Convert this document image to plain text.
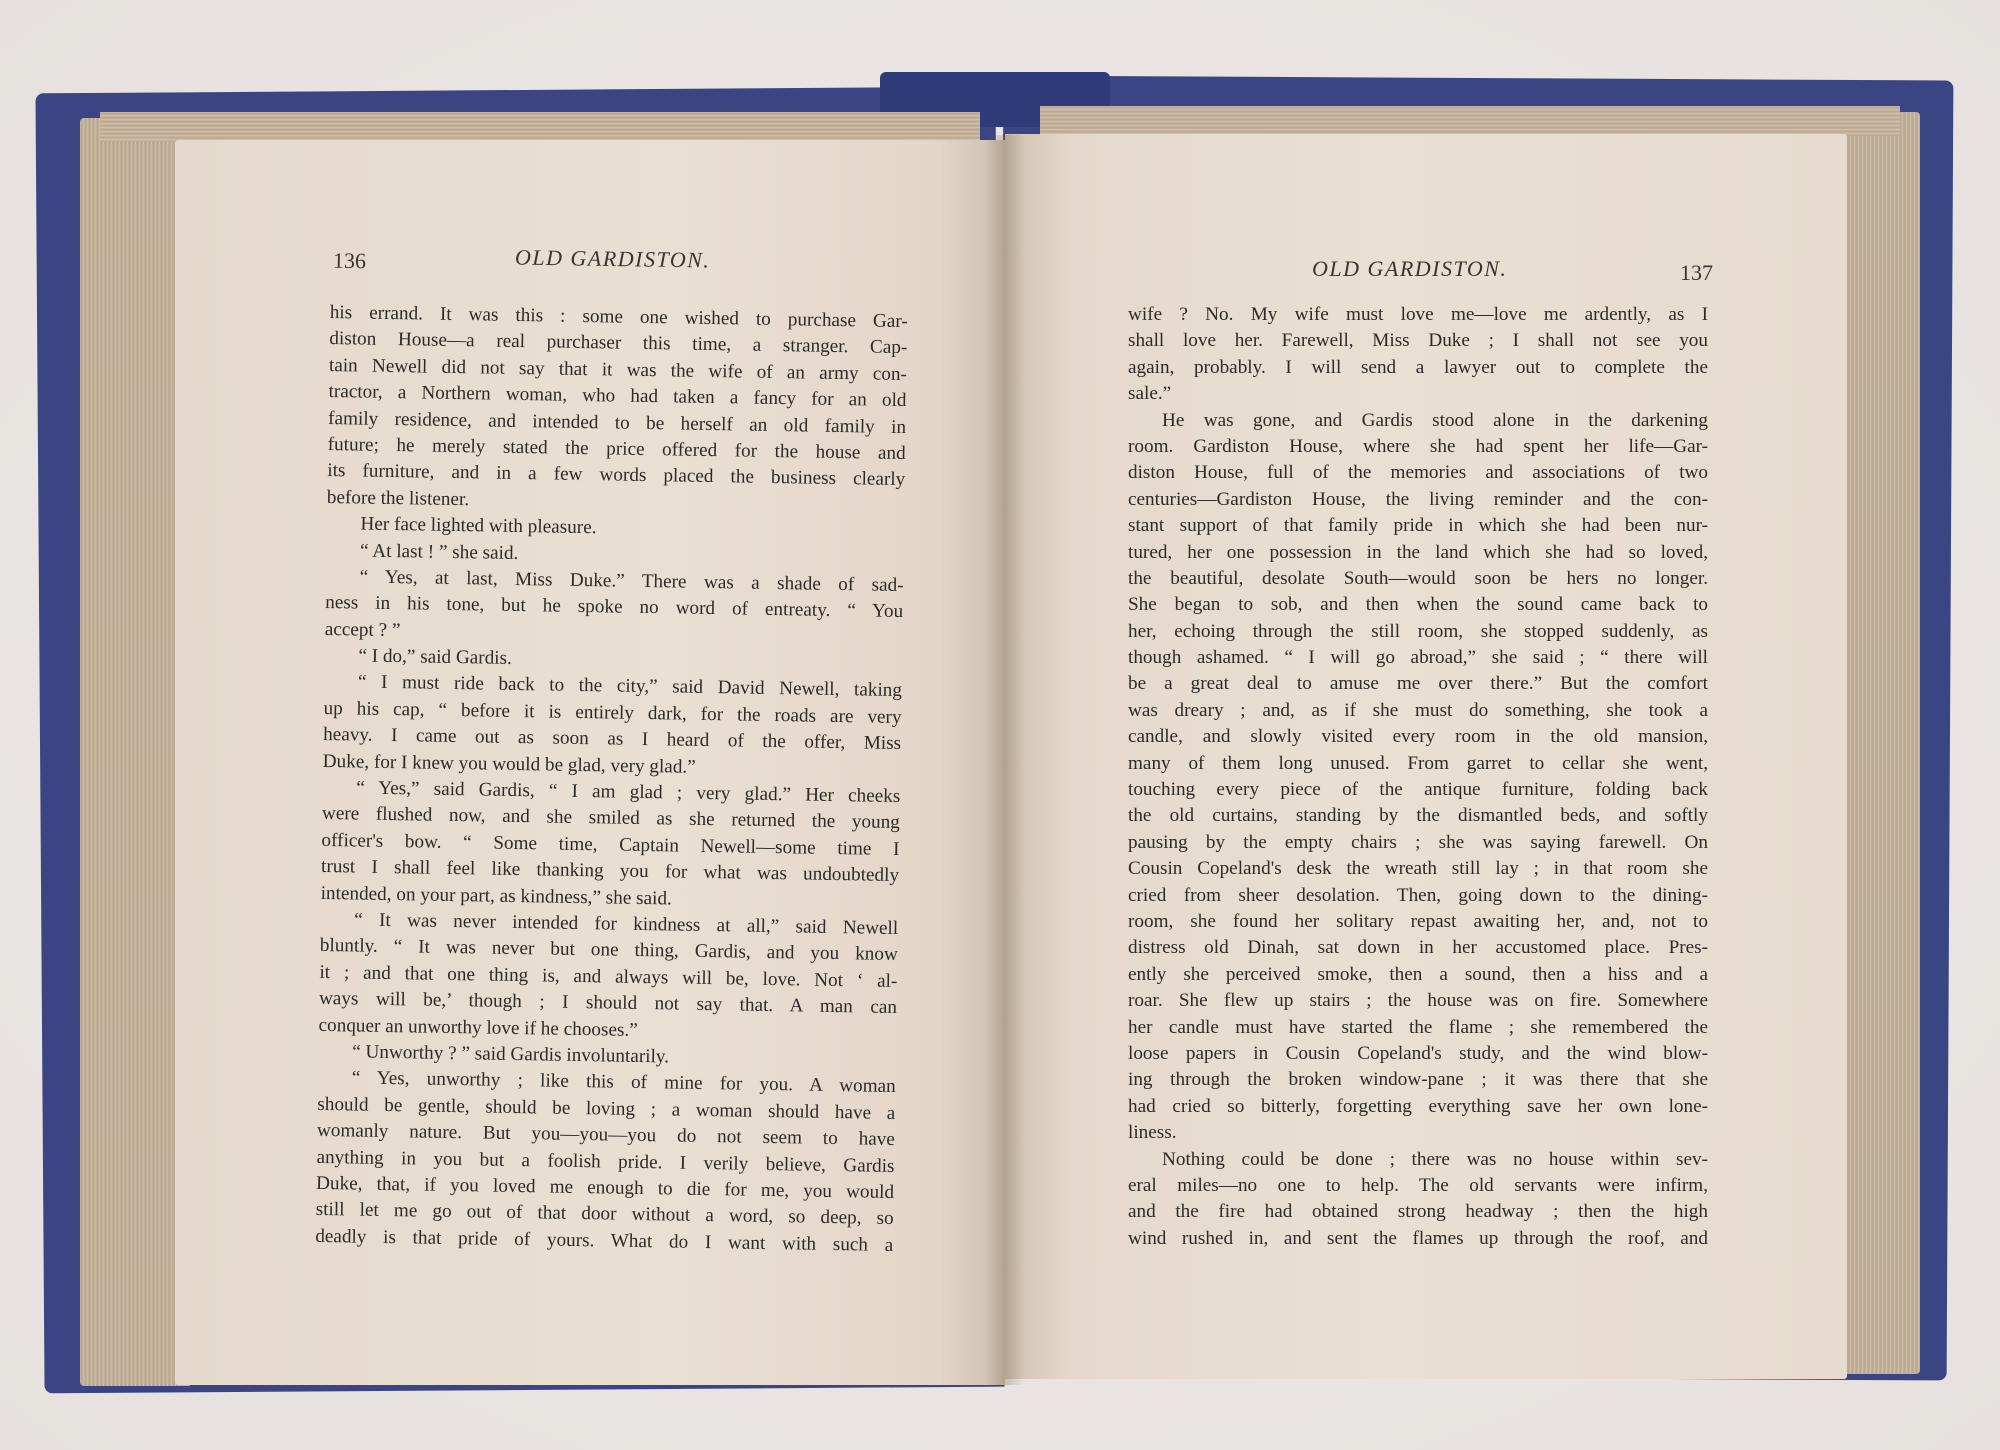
136	OLD GARDISTON.	OLD GARDISTON.	137
his errand. It was this : some one wished to purchase Gar-
diston House—a real purchaser this time, a stranger. Cap-
tain Newell did not say that it was the wife of an army con-
tractor, a Northern woman, who had taken a fancy for an old
family residence, and intended to be herself an old family in
future; he merely stated the price offered for the house and
its furniture, and in a few words placed the business clearly
before the listener.
Her face lighted with pleasure.
“ At last ! ” she said.
“ Yes, at last, Miss Duke.” There was a shade of sad-
ness in his tone, but he spoke no word of entreaty. “ You
accept ? ”
“ I do,” said Gardis.
“ I must ride back to the city,” said David Newell, taking
up his cap, “ before it is entirely dark, for the roads are very
heavy. I came out as soon as I heard of the offer, Miss
Duke, for I knew you would be glad, very glad.”
“ Yes,” said Gardis, “ I am glad ; very glad.” Her cheeks
were flushed now, and she smiled as she returned the young
officer's bow. “ Some time, Captain Newell—some time I
trust I shall feel like thanking you for what was undoubtedly
intended, on your part, as kindness,” she said.
“ It was never intended for kindness at all,” said Newell
bluntly. “ It was never but one thing, Gardis, and you know
it ; and that one thing is, and always will be, love. Not ‘ al-
ways will be,’ though ; I should not say that. A man can
conquer an unworthy love if he chooses.”
“ Unworthy ? ” said Gardis involuntarily.
“ Yes, unworthy ; like this of mine for you. A woman
should be gentle, should be loving ; a woman should have a
womanly nature. But you—you—you do not seem to have
anything in you but a foolish pride. I verily believe, Gardis
Duke, that, if you loved me enough to die for me, you would
still let me go out of that door without a word, so deep, so
deadly is that pride of yours. What do I want with such a
wife ? No. My wife must love me—love me ardently, as I
shall love her. Farewell, Miss Duke ; I shall not see you
again, probably. I will send a lawyer out to complete the
sale.”
He was gone, and Gardis stood alone in the darkening
room. Gardiston House, where she had spent her life—Gar-
diston House, full of the memories and associations of two
centuries—Gardiston House, the living reminder and the con-
stant support of that family pride in which she had been nur-
tured, her one possession in the land which she had so loved,
the beautiful, desolate South—would soon be hers no longer.
She began to sob, and then when the sound came back to
her, echoing through the still room, she stopped suddenly, as
though ashamed. “ I will go abroad,” she said ; “ there will
be a great deal to amuse me over there.” But the comfort
was dreary ; and, as if she must do something, she took a
candle, and slowly visited every room in the old mansion,
many of them long unused. From garret to cellar she went,
touching every piece of the antique furniture, folding back
the old curtains, standing by the dismantled beds, and softly
pausing by the empty chairs ; she was saying farewell. On
Cousin Copeland's desk the wreath still lay ; in that room she
cried from sheer desolation. Then, going down to the dining-
room, she found her solitary repast awaiting her, and, not to
distress old Dinah, sat down in her accustomed place. Pres-
ently she perceived smoke, then a sound, then a hiss and a
roar. She flew up stairs ; the house was on fire. Somewhere
her candle must have started the flame ; she remembered the
loose papers in Cousin Copeland's study, and the wind blow-
ing through the broken window-pane ; it was there that she
had cried so bitterly, forgetting everything save her own lone-
liness.
Nothing could be done ; there was no house within sev-
eral miles—no one to help. The old servants were infirm,
and the fire had obtained strong headway ; then the high
wind rushed in, and sent the flames up through the roof, and
